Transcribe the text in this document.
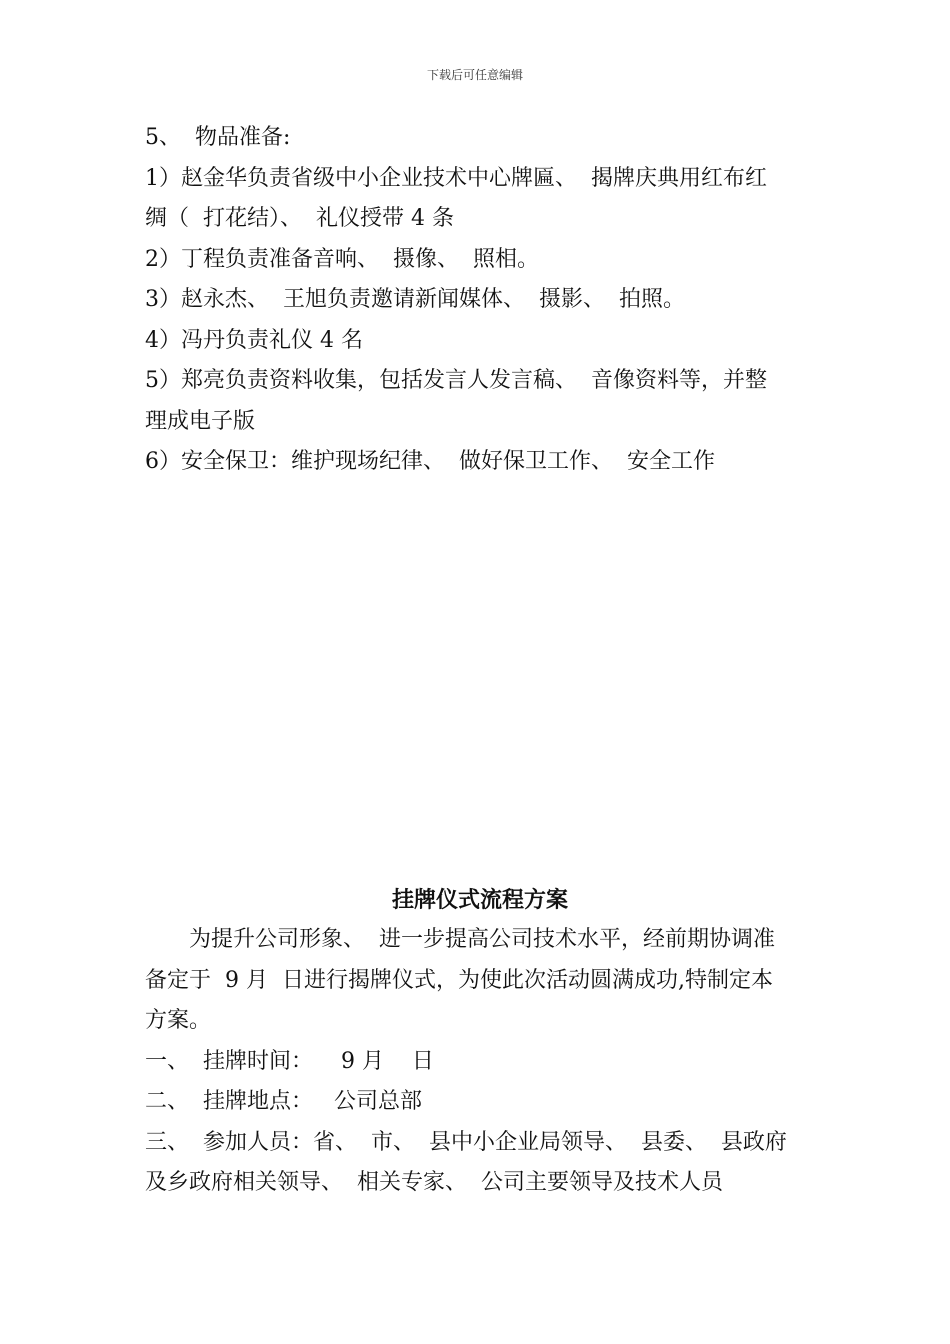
下载后可任意编辑

5、  物品准备:

1）赵金华负责省级中小企业技术中心牌匾、  揭牌庆典用红布红

绸（  打花结）、  礼仪授带 4 条

2）丁程负责准备音响、  摄像、  照相。

3）赵永杰、  王旭负责邀请新闻媒体、  摄影、  拍照。

4）冯丹负责礼仪 4 名

5）郑亮负责资料收集，包括发言人发言稿、  音像资料等，并整

理成电子版

6）安全保卫：维护现场纪律、  做好保卫工作、  安全工作

挂牌仪式流程方案

为提升公司形象、  进一步提高公司技术水平，经前期协调准

备定于  9 月  日进行揭牌仪式，为使此次活动圆满成功,特制定本

方案。

一、  挂牌时间：    9 月    日

二、  挂牌地点：   公司总部

三、  参加人员：省、  市、  县中小企业局领导、  县委、  县政府

及乡政府相关领导、  相关专家、  公司主要领导及技术人员
